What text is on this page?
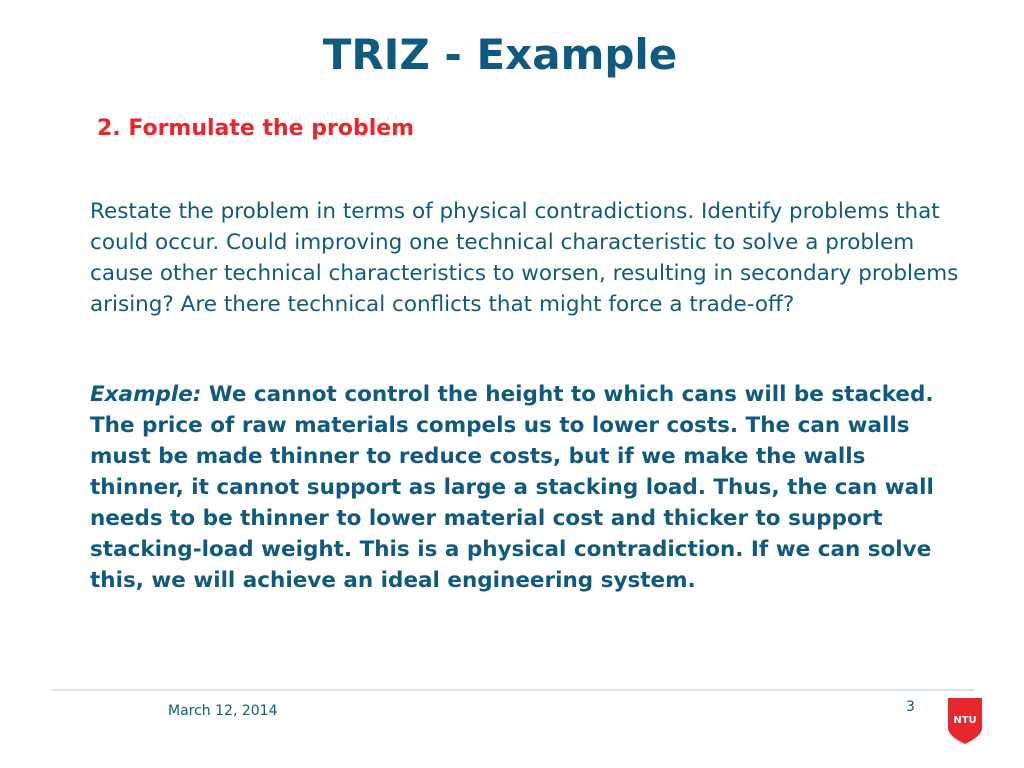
TRIZ - Example
2. Formulate the problem
Restate the problem in terms of physical contradictions. Identify problems that could occur. Could improving one technical characteristic to solve a problem cause other technical characteristics to worsen, resulting in secondary problems arising? Are there technical conflicts that might force a trade-off?
Example: We cannot control the height to which cans will be stacked. The price of raw materials compels us to lower costs. The can walls must be made thinner to reduce costs, but if we make the walls thinner, it cannot support as large a stacking load. Thus, the can wall needs to be thinner to lower material cost and thicker to support stacking-load weight. This is a physical contradiction. If we can solve this, we will achieve an ideal engineering system.
March 12, 2014	3
NTU
